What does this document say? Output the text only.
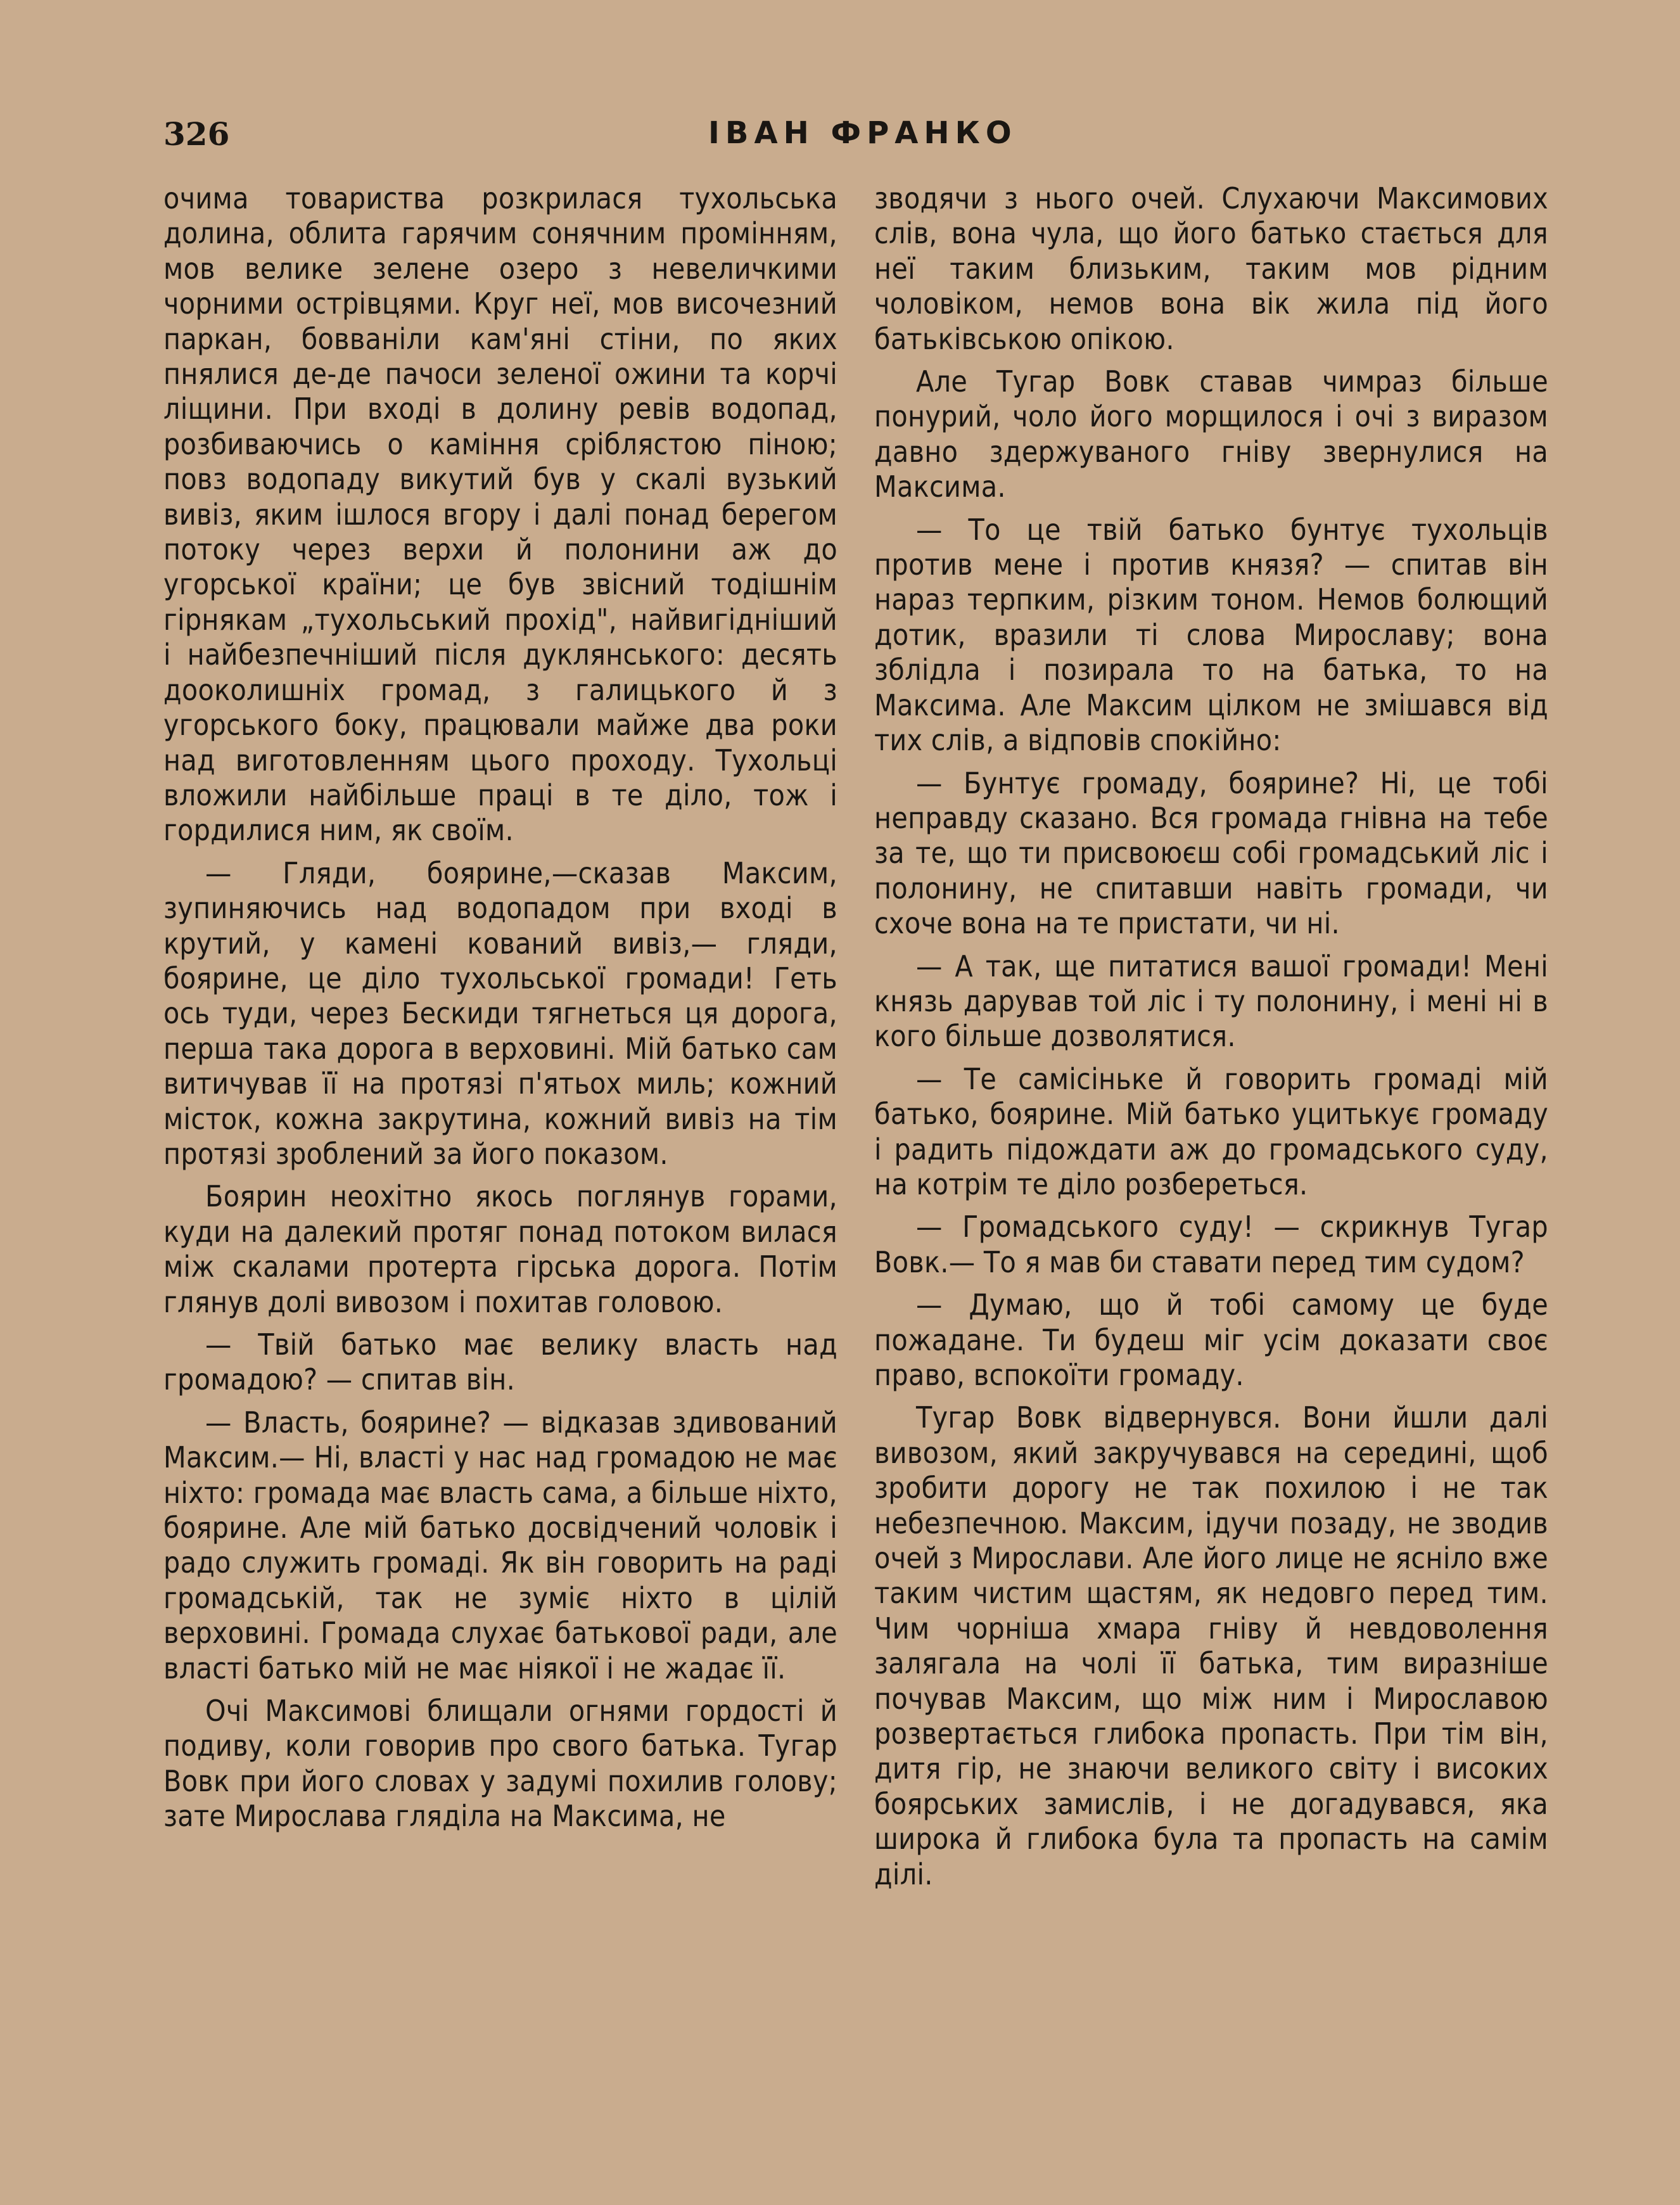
326	ІВАН ФРАНКО

очима товариства розкрилася тухольська долина, облита гарячим сонячним промінням, мов велике зелене озеро з невеличкими чорними острівцями. Круг неї, мов височезний паркан, бовваніли кам'яні стіни, по яких пнялися де-де пачоси зеленої ожини та корчі ліщини. При вході в долину ревів водопад, розбиваючись о каміння сріблястою піною; повз водопаду викутий був у скалі вузький вивіз, яким ішлося вгору і далі понад берегом потоку через верхи й полонини аж до угорської країни; це був звісний тодішнім гірнякам „тухольський прохід", найвигідніший і найбезпечніший після дуклянського: десять дооколишніх громад, з галицького й з угорського боку, працювали майже два роки над виготовленням цього проходу. Тухольці вложили найбільше праці в те діло, тож і гордилися ним, як своїм.

— Гляди, боярине,—сказав Максим, зупиняючись над водопадом при вході в крутий, у камені кований вивіз,— гляди, боярине, це діло тухольської громади! Геть ось туди, через Бескиди тягнеться ця дорога, перша така дорога в верховині. Мій батько сам витичував її на протязі п'ятьох миль; кожний місток, кожна закрутина, кожний вивіз на тім протязі зроблений за його показом.

Боярин неохітно якось поглянув горами, куди на далекий протяг понад потоком вилася між скалами протерта гірська дорога. Потім глянув долі вивозом і похитав головою.

— Твій батько має велику власть над громадою? — спитав він.

— Власть, боярине? — відказав здивований Максим.— Ні, власті у нас над громадою не має ніхто: громада має власть сама, а більше ніхто, боярине. Але мій батько досвідчений чоловік і радо служить громаді. Як він говорить на раді громадській, так не зуміє ніхто в цілій верховині. Громада слухає батькової ради, але власті батько мій не має ніякої і не жадає її.

Очі Максимові блищали огнями гордості й подиву, коли говорив про свого батька. Тугар Вовк при його словах у задумі похилив голову; зате Мирослава гляділа на Максима, не

зводячи з нього очей. Слухаючи Максимових слів, вона чула, що його батько стається для неї таким близьким, таким мов рідним чоловіком, немов вона вік жила під його батьківською опікою.

Але Тугар Вовк ставав чимраз більше понурий, чоло його морщилося і очі з виразом давно здержуваного гніву звернулися на Максима.

— То це твій батько бунтує тухольців против мене і против князя? — спитав він нараз терпким, різким тоном. Немов болющий дотик, вразили ті слова Мирославу; вона зблідла і позирала то на батька, то на Максима. Але Максим цілком не змішався від тих слів, а відповів спокійно:

— Бунтує громаду, боярине? Ні, це тобі неправду сказано. Вся громада гнівна на тебе за те, що ти присвоюєш собі громадський ліс і полонину, не спитавши навіть громади, чи схоче вона на те пристати, чи ні.

— А так, ще питатися вашої громади! Мені князь дарував той ліс і ту полонину, і мені ні в кого більше дозволятися.

— Те самісіньке й говорить громаді мій батько, боярине. Мій батько уцитькує громаду і радить підождати аж до громадського суду, на котрім те діло розбереться.

— Громадського суду! — скрикнув Тугар Вовк.— То я мав би ставати перед тим судом?

— Думаю, що й тобі самому це буде пожадане. Ти будеш міг усім доказати своє право, вспокоїти громаду.

Тугар Вовк відвернувся. Вони йшли далі вивозом, який закручувався на середині, щоб зробити дорогу не так похилою і не так небезпечною. Максим, ідучи позаду, не зводив очей з Мирослави. Але його лице не ясніло вже таким чистим щастям, як недовго перед тим. Чим чорніша хмара гніву й невдоволення залягала на чолі її батька, тим виразніше почував Максим, що між ним і Мирославою розвертається глибока пропасть. При тім він, дитя гір, не знаючи великого світу і високих боярських замислів, і не догадувався, яка широка й глибока була та пропасть на самім ділі.
